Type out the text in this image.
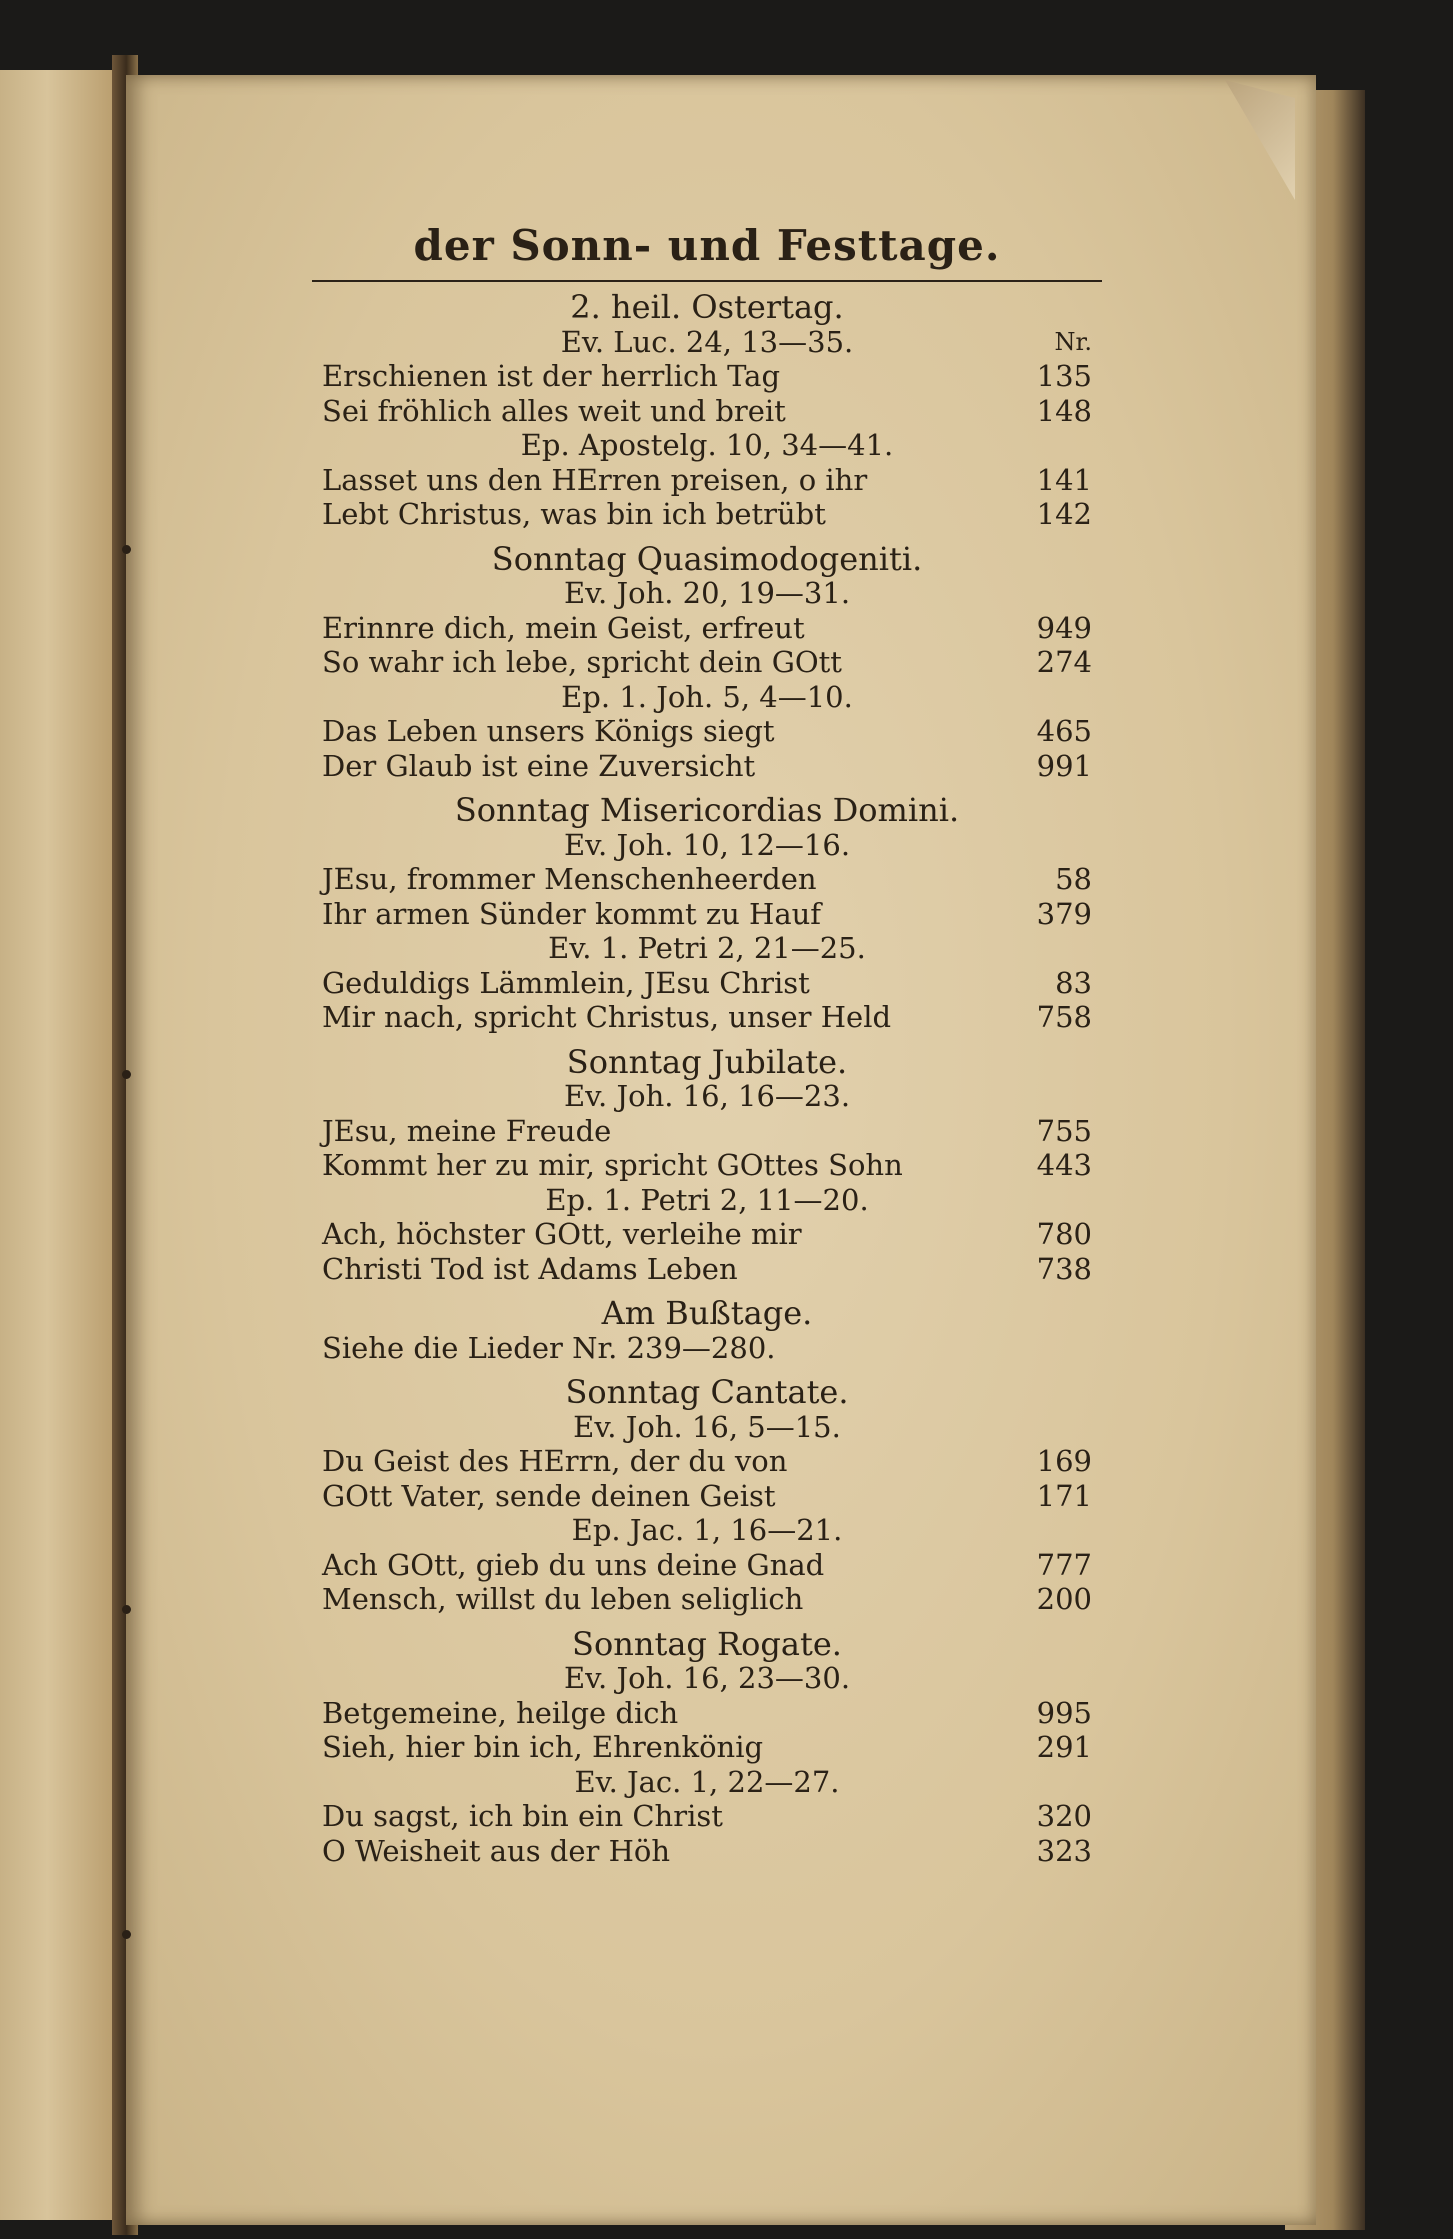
der Sonn- und Festtage.
2. heil. Ostertag.
Ev. Luc. 24, 13—35.	Nr.
Erschienen ist der herrlich Tag	135
Sei fröhlich alles weit und breit	148
Ep. Apostelg. 10, 34—41.
Lasset uns den HErren preisen, o ihr	141
Lebt Christus, was bin ich betrübt	142
Sonntag Quasimodogeniti.
Ev. Joh. 20, 19—31.
Erinnre dich, mein Geist, erfreut	949
So wahr ich lebe, spricht dein GOtt	274
Ep. 1. Joh. 5, 4—10.
Das Leben unsers Königs siegt	465
Der Glaub ist eine Zuversicht	991
Sonntag Misericordias Domini.
Ev. Joh. 10, 12—16.
JEsu, frommer Menschenheerden	58
Ihr armen Sünder kommt zu Hauf	379
Ev. 1. Petri 2, 21—25.
Geduldigs Lämmlein, JEsu Christ	83
Mir nach, spricht Christus, unser Held	758
Sonntag Jubilate.
Ev. Joh. 16, 16—23.
JEsu, meine Freude	755
Kommt her zu mir, spricht GOttes Sohn	443
Ep. 1. Petri 2, 11—20.
Ach, höchster GOtt, verleihe mir	780
Christi Tod ist Adams Leben	738
Am Bußtage.
Siehe die Lieder Nr. 239—280.
Sonntag Cantate.
Ev. Joh. 16, 5—15.
Du Geist des HErrn, der du von	169
GOtt Vater, sende deinen Geist	171
Ep. Jac. 1, 16—21.
Ach GOtt, gieb du uns deine Gnad	777
Mensch, willst du leben seliglich	200
Sonntag Rogate.
Ev. Joh. 16, 23—30.
Betgemeine, heilge dich	995
Sieh, hier bin ich, Ehrenkönig	291
Ev. Jac. 1, 22—27.
Du sagst, ich bin ein Christ	320
O Weisheit aus der Höh	323
